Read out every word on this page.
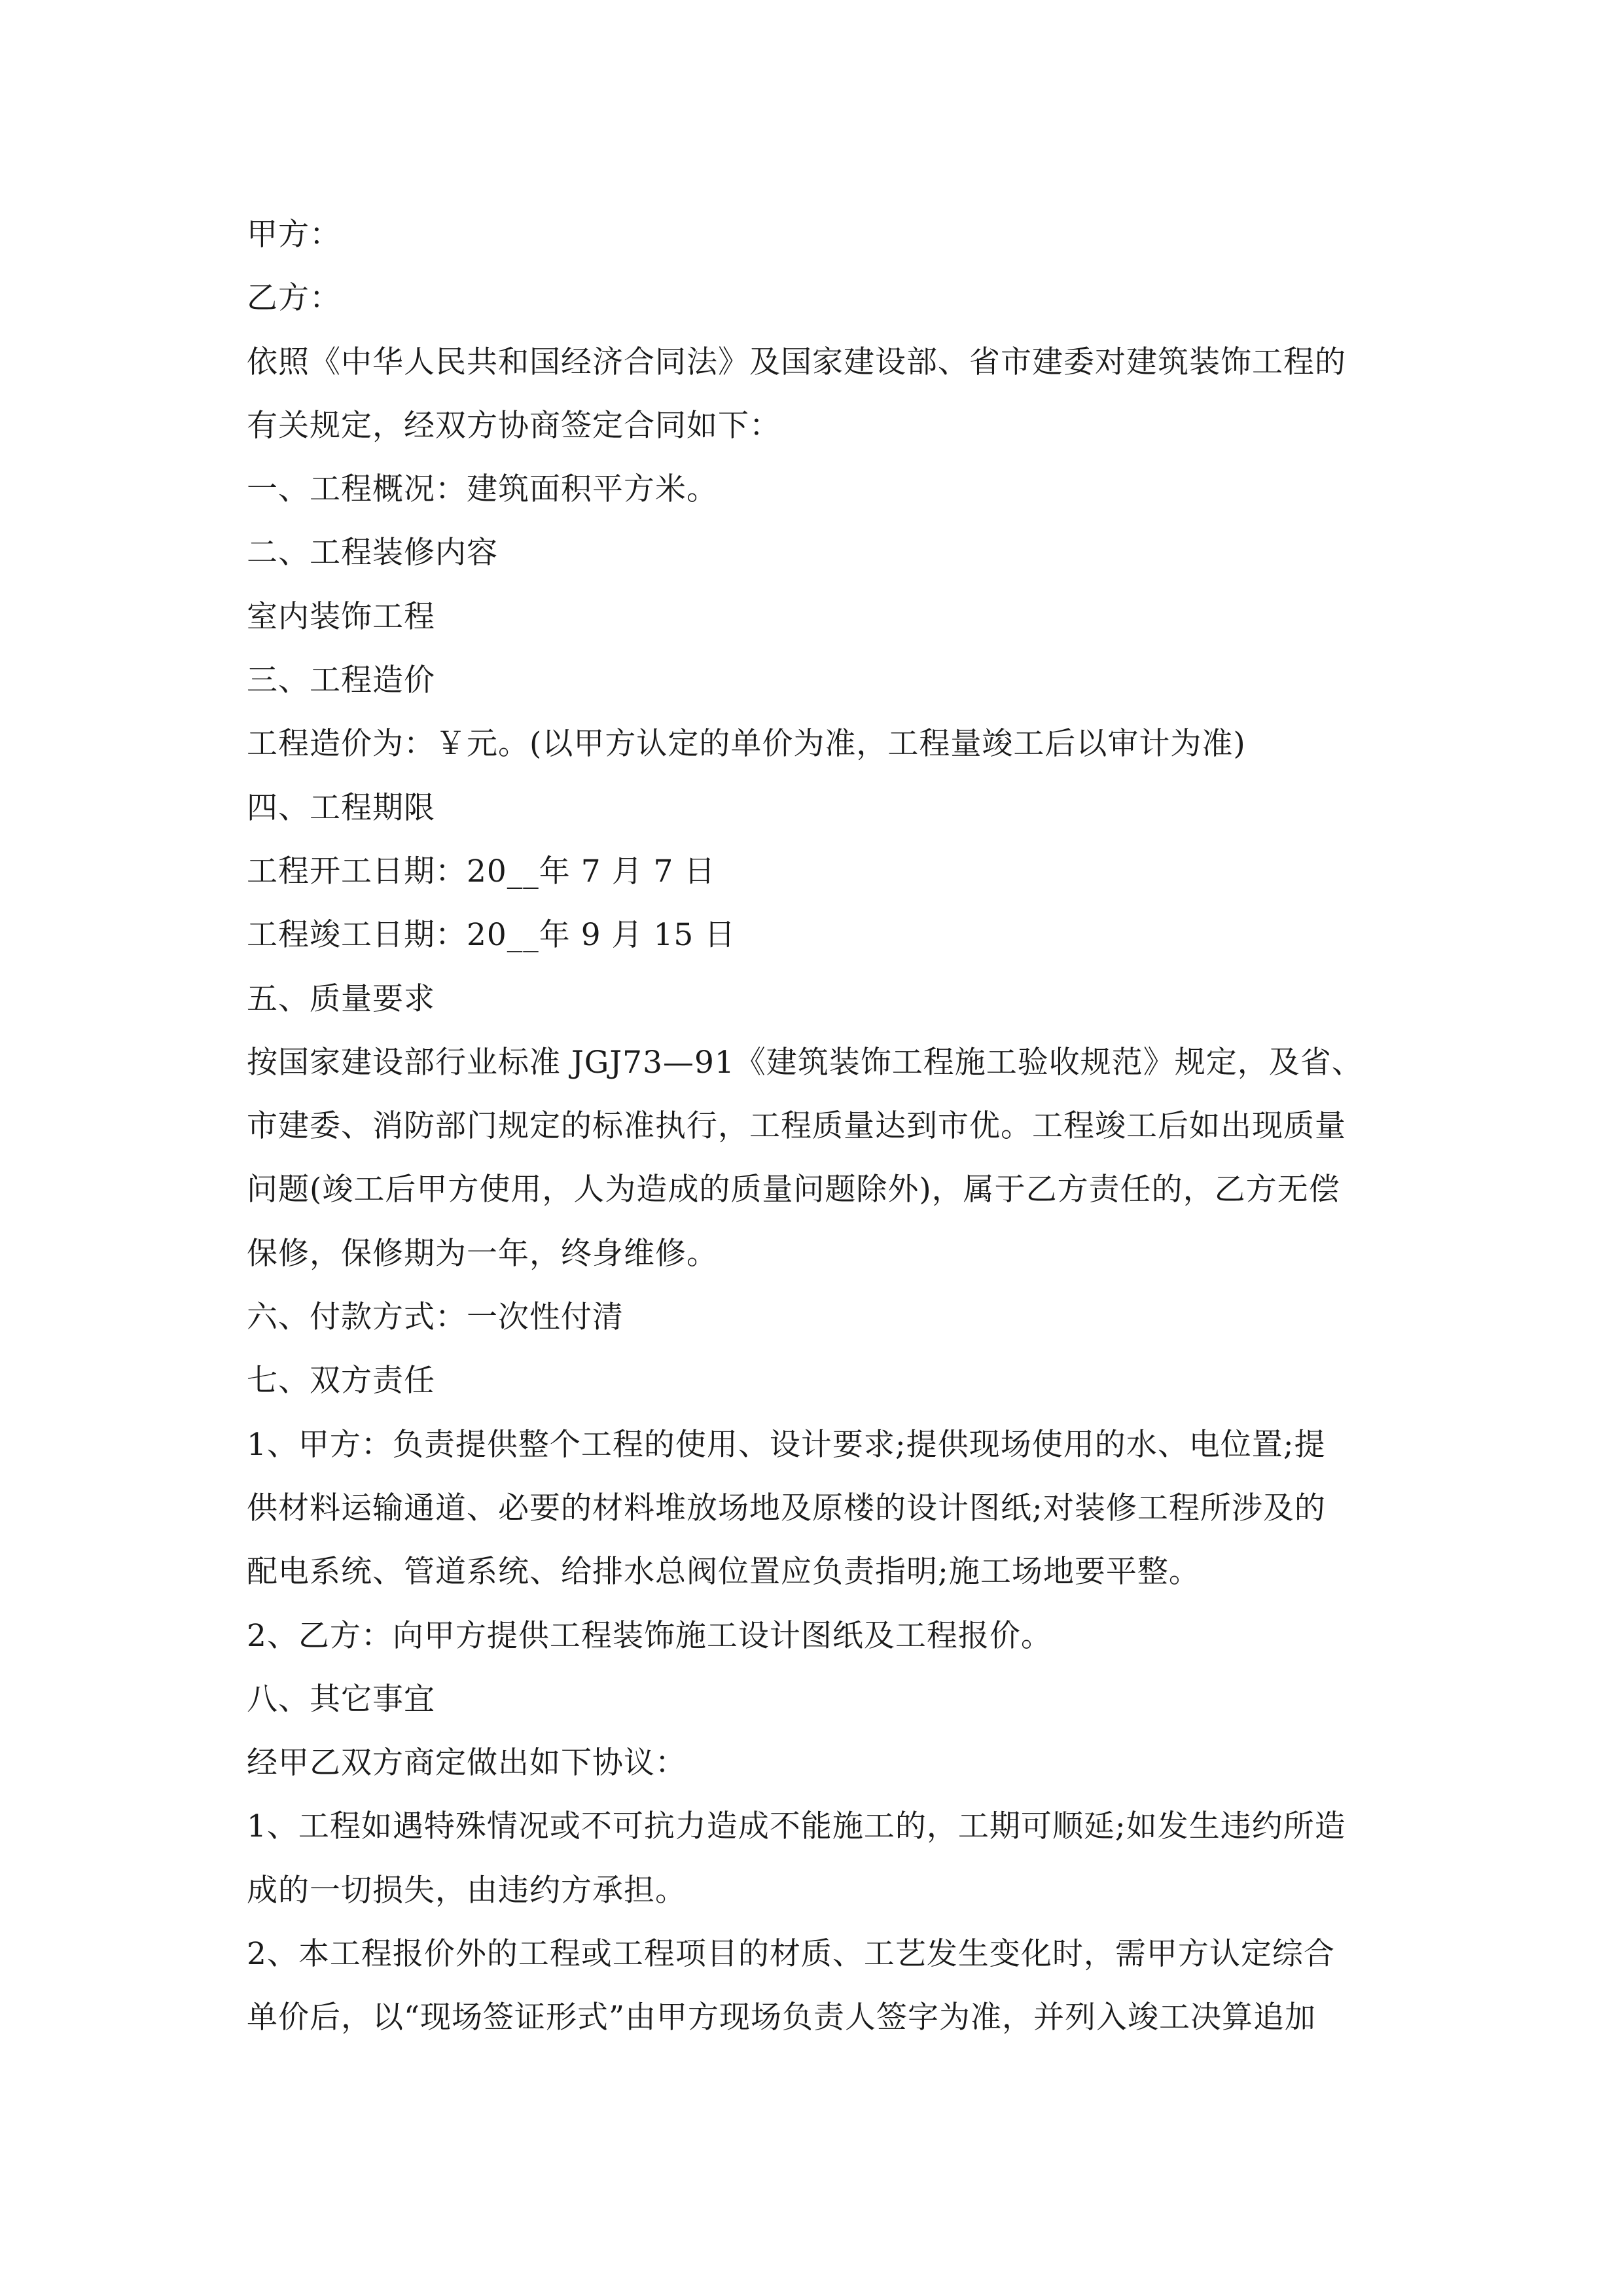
甲方：
乙方：
依照《中华人民共和国经济合同法》及国家建设部、省市建委对建筑装饰工程的
有关规定，经双方协商签定合同如下：
一、工程概况：建筑面积平方米。
二、工程装修内容
室内装饰工程
三、工程造价
工程造价为：￥元。(以甲方认定的单价为准，工程量竣工后以审计为准)
四、工程期限
工程开工日期：20__年 7 月 7 日
工程竣工日期：20__年 9 月 15 日
五、质量要求
按国家建设部行业标准 JGJ73—91《建筑装饰工程施工验收规范》规定，及省、
市建委、消防部门规定的标准执行，工程质量达到市优。工程竣工后如出现质量
问题(竣工后甲方使用，人为造成的质量问题除外)，属于乙方责任的，乙方无偿
保修，保修期为一年，终身维修。
六、付款方式：一次性付清
七、双方责任
1、甲方：负责提供整个工程的使用、设计要求;提供现场使用的水、电位置;提
供材料运输通道、必要的材料堆放场地及原楼的设计图纸;对装修工程所涉及的
配电系统、管道系统、给排水总阀位置应负责指明;施工场地要平整。
2、乙方：向甲方提供工程装饰施工设计图纸及工程报价。
八、其它事宜
经甲乙双方商定做出如下协议：
1、工程如遇特殊情况或不可抗力造成不能施工的，工期可顺延;如发生违约所造
成的一切损失，由违约方承担。
2、本工程报价外的工程或工程项目的材质、工艺发生变化时，需甲方认定综合
单价后，以“现场签证形式”由甲方现场负责人签字为准，并列入竣工决算追加
